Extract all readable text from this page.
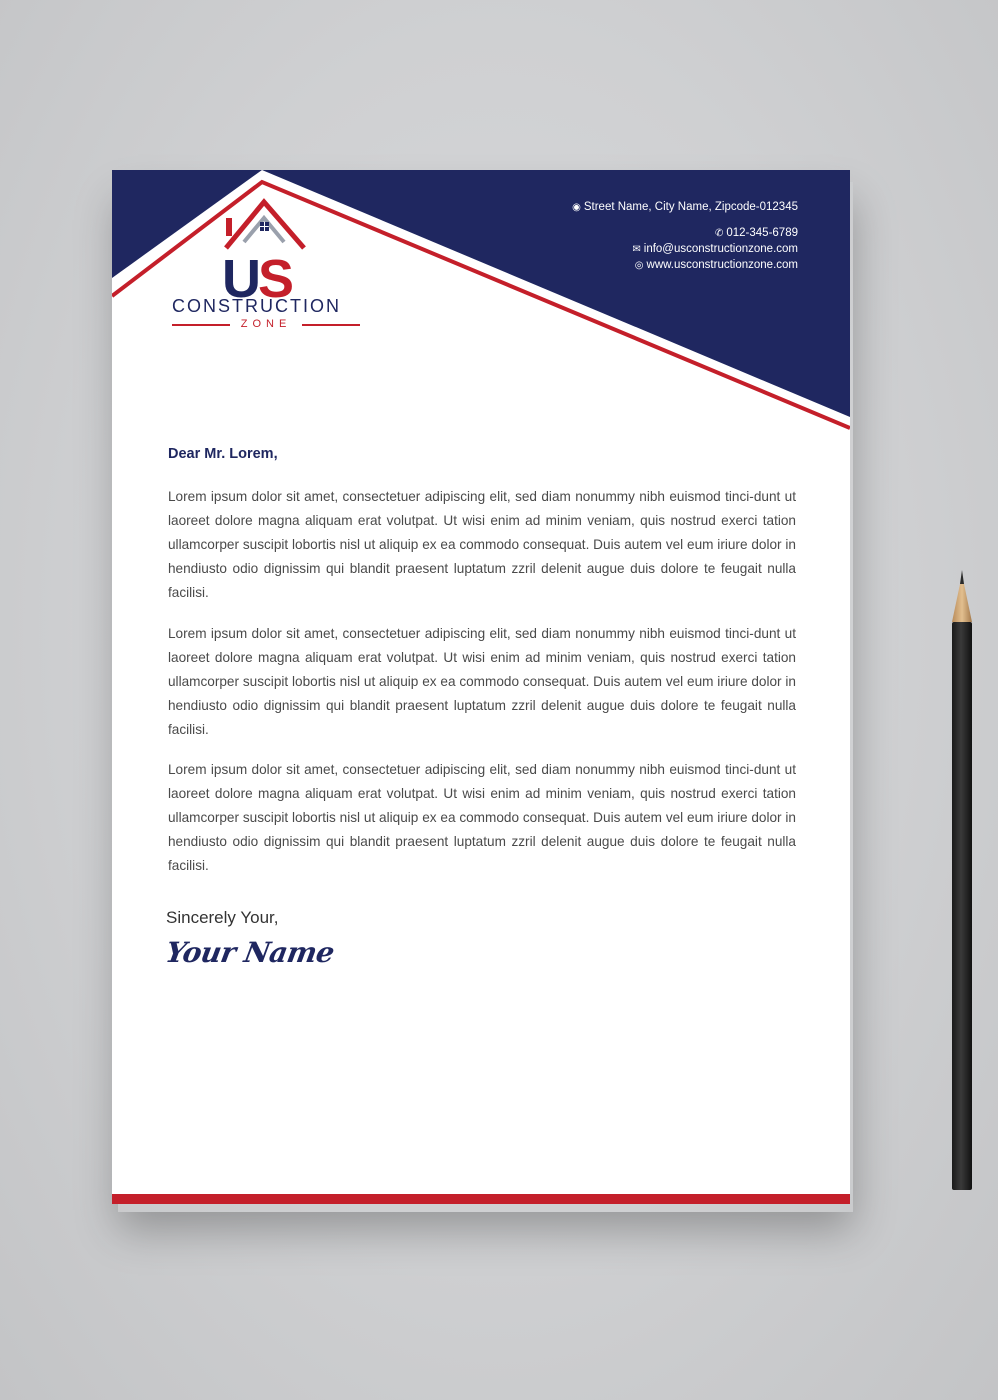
US
CONSTRUCTION
ZONE
◉ Street Name, City Name, Zipcode-012345
✆ 012-345-6789
✉ info@usconstructionzone.com
◎ www.usconstructionzone.com
Dear Mr. Lorem,
Lorem ipsum dolor sit amet, consectetuer adipiscing elit, sed diam nonummy nibh euismod tinci-dunt ut laoreet dolore magna aliquam erat volutpat. Ut wisi enim ad minim veniam, quis nostrud exerci tation ullamcorper suscipit lobortis nisl ut aliquip ex ea commodo consequat. Duis autem vel eum iriure dolor in hendiusto odio dignissim qui blandit praesent luptatum zzril delenit augue duis dolore te feugait nulla facilisi.
Lorem ipsum dolor sit amet, consectetuer adipiscing elit, sed diam nonummy nibh euismod tinci-dunt ut laoreet dolore magna aliquam erat volutpat. Ut wisi enim ad minim veniam, quis nostrud exerci tation ullamcorper suscipit lobortis nisl ut aliquip ex ea commodo consequat. Duis autem vel eum iriure dolor in hendiusto odio dignissim qui blandit praesent luptatum zzril delenit augue duis dolore te feugait nulla facilisi.
Lorem ipsum dolor sit amet, consectetuer adipiscing elit, sed diam nonummy nibh euismod tinci-dunt ut laoreet dolore magna aliquam erat volutpat. Ut wisi enim ad minim veniam, quis nostrud exerci tation ullamcorper suscipit lobortis nisl ut aliquip ex ea commodo consequat. Duis autem vel eum iriure dolor in hendiusto odio dignissim qui blandit praesent luptatum zzril delenit augue duis dolore te feugait nulla facilisi.
Sincerely Your,
Your Name
